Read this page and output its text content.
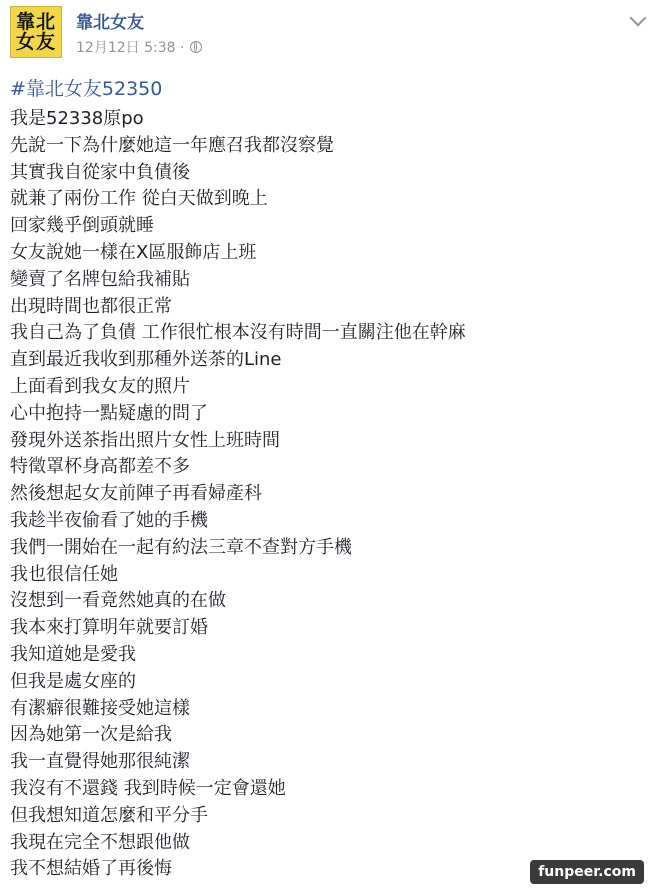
靠北女友
靠北女友
12月12日 5:38 ·
#靠北女友52350
我是52338原po
先說一下為什麼她這一年應召我都沒察覺
其實我自從家中負債後
就兼了兩份工作 從白天做到晚上
回家幾乎倒頭就睡
女友說她一樣在X區服飾店上班
變賣了名牌包給我補貼
出現時間也都很正常
我自己為了負債 工作很忙根本沒有時間一直關注他在幹麻
直到最近我收到那種外送茶的Line
上面看到我女友的照片
心中抱持一點疑慮的問了
發現外送茶指出照片女性上班時間
特徵罩杯身高都差不多
然後想起女友前陣子再看婦產科
我趁半夜偷看了她的手機
我們一開始在一起有約法三章不查對方手機
我也很信任她
沒想到一看竟然她真的在做
我本來打算明年就要訂婚
我知道她是愛我
但我是處女座的
有潔癖很難接受她這樣
因為她第一次是給我
我一直覺得她那很純潔
我沒有不還錢 我到時候一定會還她
但我想知道怎麼和平分手
我現在完全不想跟他做
我不想結婚了再後悔	funpeer.com
